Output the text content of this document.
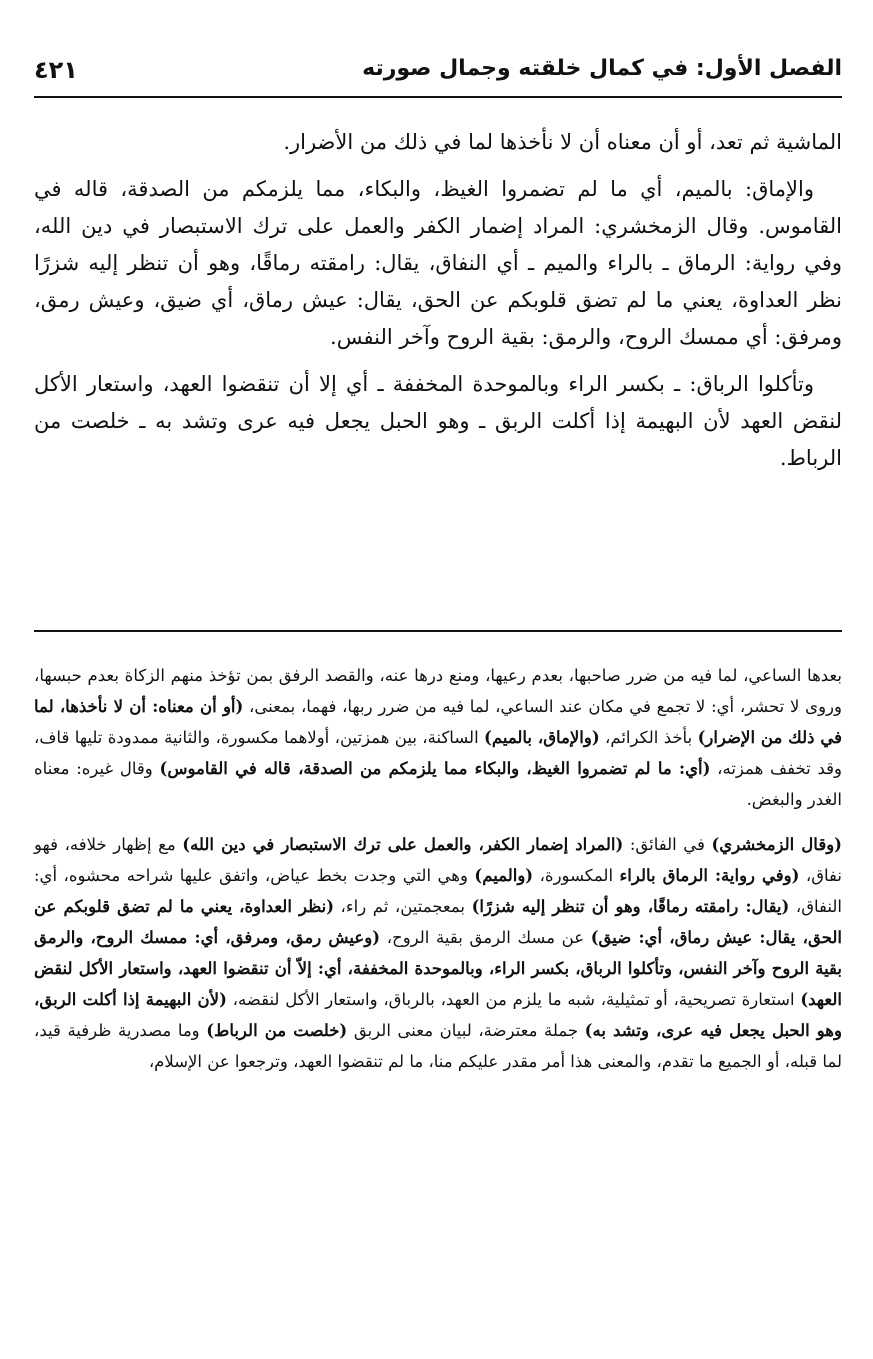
الفصل الأول: في كمال خلقته وجمال صورته
٤٢١

الماشية ثم تعد، أو أن معناه أن لا نأخذها لما في ذلك من الأضرار.

والإماق: بالميم، أي ما لم تضمروا الغيظ، والبكاء، مما يلزمكم من الصدقة، قاله في القاموس. وقال الزمخشري: المراد إضمار الكفر والعمل على ترك الاستبصار في دين الله، وفي رواية: الرماق ـ بالراء والميم ـ أي النفاق، يقال: رامقته رماقًا، وهو أن تنظر إليه شزرًا نظر العداوة، يعني ما لم تضق قلوبكم عن الحق، يقال: عيش رماق، أي ضيق، وعيش رمق، ومرفق: أي ممسك الروح، والرمق: بقية الروح وآخر النفس.

وتأكلوا الرباق: ـ بكسر الراء وبالموحدة المخففة ـ أي إلا أن تنقضوا العهد، واستعار الأكل لنقض العهد لأن البهيمة إذا أكلت الربق ـ وهو الحبل يجعل فيه عرى وتشد به ـ خلصت من الرباط.

بعدها الساعي، لما فيه من ضرر صاحبها، بعدم رعيها، ومنع درها عنه، والقصد الرفق بمن تؤخذ منهم الزكاة بعدم حبسها، وروى لا تحشر، أي: لا تجمع في مكان عند الساعي، لما فيه من ضرر ربها، فهما، بمعنى، (أو أن معناه: أن لا نأخذها، لما في ذلك من الإضرار) بأخذ الكرائم، (والإماق، بالميم) الساكنة، بين همزتين، أولاهما مكسورة، والثانية ممدودة تليها قاف، وقد تخفف همزته، (أي: ما لم تضمروا الغيظ، والبكاء مما يلزمكم من الصدقة، قاله في القاموس) وقال غيره: معناه الغدر والبغض.

(وقال الزمخشري) في الفائق: (المراد إضمار الكفر، والعمل على ترك الاستبصار في دين الله) مع إظهار خلافه، فهو نفاق، (وفي رواية: الرماق بالراء المكسورة، (والميم) وهي التي وجدت بخط عياض، واتفق عليها شراحه محشوه، أي: النفاق، (يقال: رامقته رماقًا، وهو أن تنظر إليه شزرًا) بمعجمتين، ثم راء، (نظر العداوة، يعني ما لم تضق قلوبكم عن الحق، يقال: عيش رماق، أي: ضيق) عن مسك الرمق بقية الروح، (وعيش رمق، ومرفق، أي: ممسك الروح، والرمق بقية الروح وآخر النفس، وتأكلوا الرباق، بكسر الراء، وبالموحدة المخففة، أي: إلاّ أن تنقضوا العهد، واستعار الأكل لنقض العهد) استعارة تصريحية، أو تمثيلية، شبه ما يلزم من العهد، بالرباق، واستعار الأكل لنقضه، (لأن البهيمة إذا أكلت الربق، وهو الحبل يجعل فيه عرى، وتشد به) جملة معترضة، لبيان معنى الربق (خلصت من الرباط) وما مصدرية ظرفية قيد، لما قبله، أو الجميع ما تقدم، والمعنى هذا أمر مقدر عليكم منا، ما لم تنقضوا العهد، وترجعوا عن الإسلام،
